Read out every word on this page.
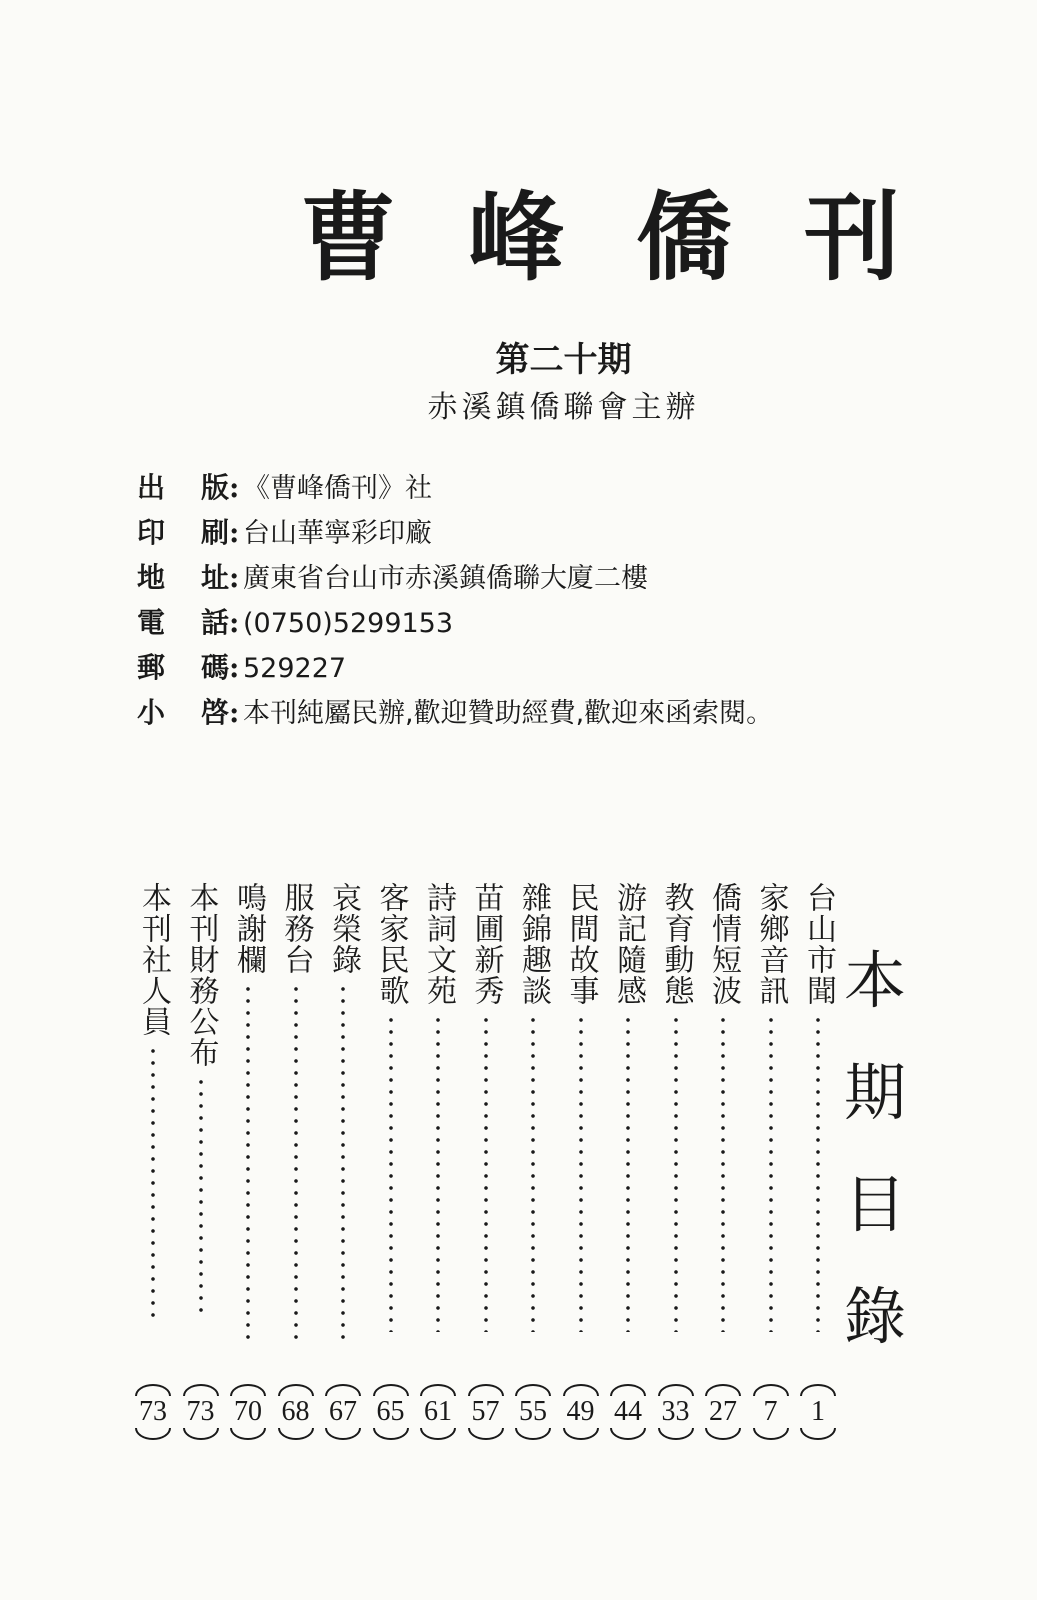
曹峰僑刊
第二十期
赤溪鎮僑聯會主辦
出 版 : 《曹峰僑刊》社
印 刷 : 台山華寧彩印廠
地 址 : 廣東省台山市赤溪鎮僑聯大廈二樓
電 話 : (0750)5299153
郵 碼 : 529227
小 啓 : 本刊純屬民辦,歡迎贊助經費,歡迎來函索閱。
本
期
目
錄
台山市聞
1
家鄉音訊
7
僑情短波
27
教育動態
33
游記隨感
44
民間故事
49
雜錦趣談
55
苗圃新秀
57
詩詞文苑
61
客家民歌
65
哀榮錄
67
服務台
68
鳴謝欄
70
本刊財務公布
73
本刊社人員
73
